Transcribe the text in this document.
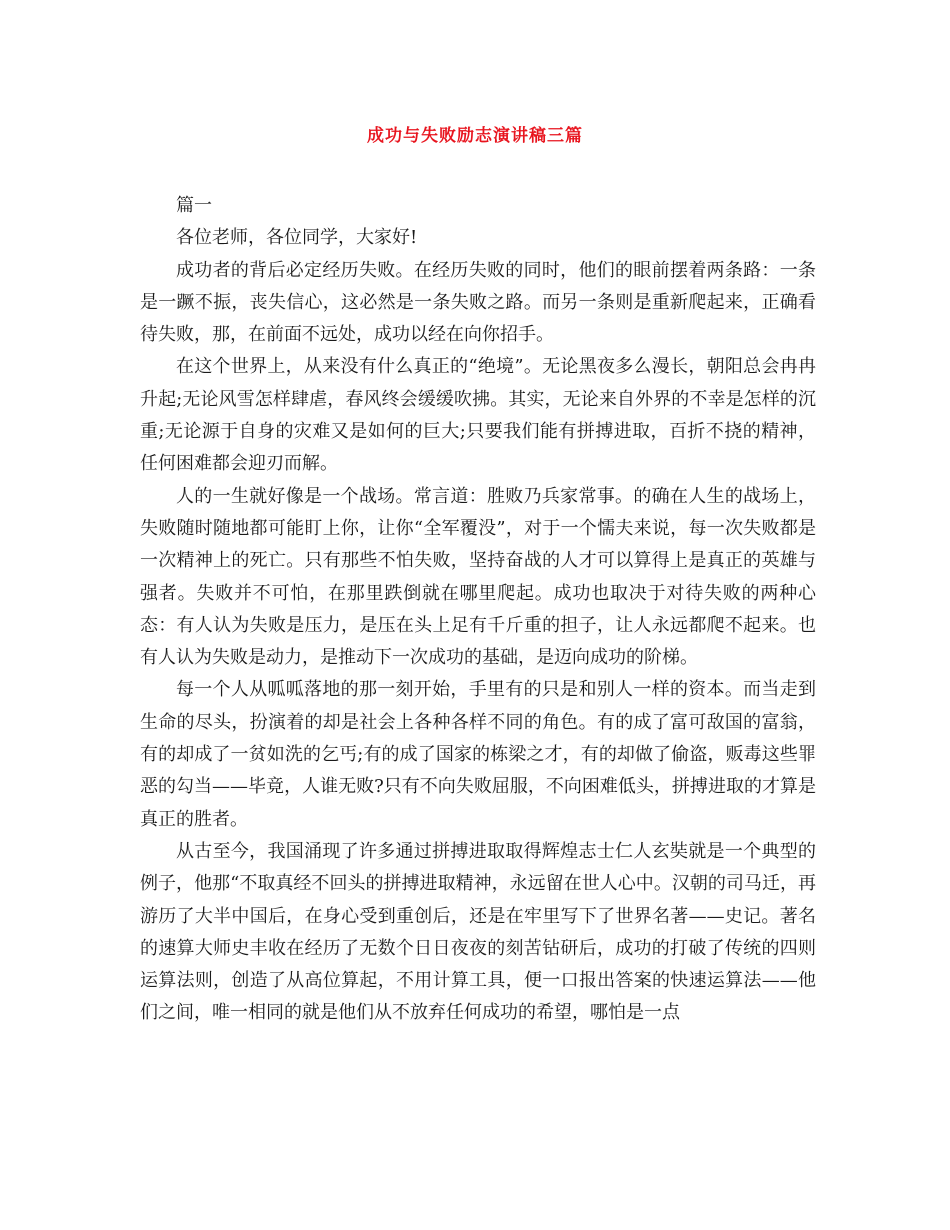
成功与失败励志演讲稿三篇

篇一

各位老师，各位同学，大家好!

成功者的背后必定经历失败。在经历失败的同时，他们的眼前摆着两条路：一条是一蹶不振，丧失信心，这必然是一条失败之路。而另一条则是重新爬起来，正确看待失败，那，在前面不远处，成功以经在向你招手。

在这个世界上，从来没有什么真正的“绝境”。无论黑夜多么漫长，朝阳总会冉冉升起;无论风雪怎样肆虐，春风终会缓缓吹拂。其实，无论来自外界的不幸是怎样的沉重;无论源于自身的灾难又是如何的巨大;只要我们能有拼搏进取，百折不挠的精神，任何困难都会迎刃而解。

人的一生就好像是一个战场。常言道：胜败乃兵家常事。的确在人生的战场上，失败随时随地都可能盯上你，让你“全军覆没”，对于一个懦夫来说，每一次失败都是一次精神上的死亡。只有那些不怕失败，坚持奋战的人才可以算得上是真正的英雄与强者。失败并不可怕，在那里跌倒就在哪里爬起。成功也取决于对待失败的两种心态：有人认为失败是压力，是压在头上足有千斤重的担子，让人永远都爬不起来。也有人认为失败是动力，是推动下一次成功的基础，是迈向成功的阶梯。

每一个人从呱呱落地的那一刻开始，手里有的只是和别人一样的资本。而当走到生命的尽头，扮演着的却是社会上各种各样不同的角色。有的成了富可敌国的富翁，有的却成了一贫如洗的乞丐;有的成了国家的栋梁之才，有的却做了偷盗，贩毒这些罪恶的勾当——毕竟，人谁无败?只有不向失败屈服，不向困难低头，拼搏进取的才算是真正的胜者。

从古至今，我国涌现了许多通过拼搏进取取得辉煌志士仁人玄奘就是一个典型的例子，他那“不取真经不回头的拼搏进取精神，永远留在世人心中。汉朝的司马迁，再游历了大半中国后，在身心受到重创后，还是在牢里写下了世界名著——史记。著名的速算大师史丰收在经历了无数个日日夜夜的刻苦钻研后，成功的打破了传统的四则运算法则，创造了从高位算起，不用计算工具，便一口报出答案的快速运算法——他们之间，唯一相同的就是他们从不放弃任何成功的希望，哪怕是一点
